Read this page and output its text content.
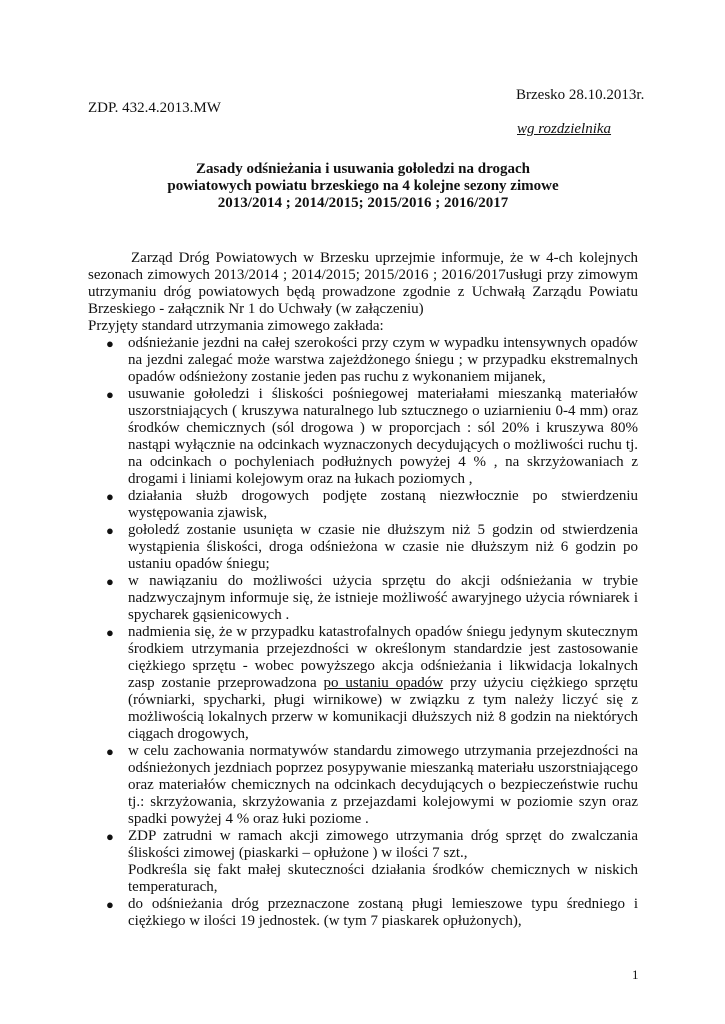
Brzesko 28.10.2013r.
ZDP. 432.4.2013.MW
wg rozdzielnika
Zasady odśnieżania i usuwania gołoledzi na drogach
powiatowych powiatu brzeskiego na 4 kolejne sezony zimowe
2013/2014 ; 2014/2015; 2015/2016 ; 2016/2017

Zarząd Dróg Powiatowych w Brzesku uprzejmie informuje, że w 4-ch kolejnych sezonach zimowych 2013/2014 ; 2014/2015; 2015/2016 ; 2016/2017usługi przy zimowym utrzymaniu dróg powiatowych będą prowadzone zgodnie z Uchwałą Zarządu Powiatu Brzeskiego - załącznik Nr 1 do Uchwały (w załączeniu)

Przyjęty standard utrzymania zimowego zakłada:

● odśnieżanie jezdni na całej szerokości przy czym w wypadku intensywnych opadów na jezdni zalegać może warstwa zajeżdżonego śniegu ; w przypadku ekstremalnych opadów odśnieżony zostanie jeden pas ruchu z wykonaniem mijanek,
● usuwanie gołoledzi i śliskości pośniegowej materiałami mieszanką materiałów uszorstniających ( kruszywa naturalnego lub sztucznego o uziarnieniu 0-4 mm) oraz środków chemicznych (sól drogowa ) w proporcjach : sól 20% i kruszywa 80% nastąpi wyłącznie na odcinkach wyznaczonych decydujących o możliwości ruchu tj. na odcinkach o pochyleniach podłużnych powyżej 4 % , na skrzyżowaniach z drogami i liniami kolejowym oraz na łukach poziomych ,
● działania służb drogowych podjęte zostaną niezwłocznie po stwierdzeniu występowania zjawisk,
● gołoledź zostanie usunięta w czasie nie dłuższym niż 5 godzin od stwierdzenia wystąpienia śliskości, droga odśnieżona w czasie nie dłuższym niż 6 godzin po ustaniu opadów śniegu;
● w nawiązaniu do możliwości użycia sprzętu do akcji odśnieżania w trybie nadzwyczajnym informuje się, że istnieje możliwość awaryjnego użycia równiarek i spycharek gąsienicowych .
● nadmienia się, że w przypadku katastrofalnych opadów śniegu jedynym skutecznym środkiem utrzymania przejezdności w określonym standardzie jest zastosowanie ciężkiego sprzętu - wobec powyższego akcja odśnieżania i likwidacja lokalnych zasp zostanie przeprowadzona po ustaniu opadów przy użyciu ciężkiego sprzętu (równiarki, spycharki, pługi wirnikowe) w związku z tym należy liczyć się z możliwością lokalnych przerw w komunikacji dłuższych niż 8 godzin na niektórych ciągach drogowych,
● w celu zachowania normatywów standardu zimowego utrzymania przejezdności na odśnieżonych jezdniach poprzez posypywanie mieszanką materiału uszorstniającego oraz materiałów chemicznych na odcinkach decydujących o bezpieczeństwie ruchu tj.: skrzyżowania, skrzyżowania z przejazdami kolejowymi w poziomie szyn oraz spadki powyżej 4 % oraz łuki poziome .
● ZDP zatrudni w ramach akcji zimowego utrzymania dróg sprzęt do zwalczania śliskości zimowej (piaskarki – opłużone ) w ilości 7 szt.,
Podkreśla się fakt małej skuteczności działania środków chemicznych w niskich temperaturach,
● do odśnieżania dróg przeznaczone zostaną pługi lemieszowe typu średniego i ciężkiego w ilości 19 jednostek. (w tym 7 piaskarek opłużonych),
1
